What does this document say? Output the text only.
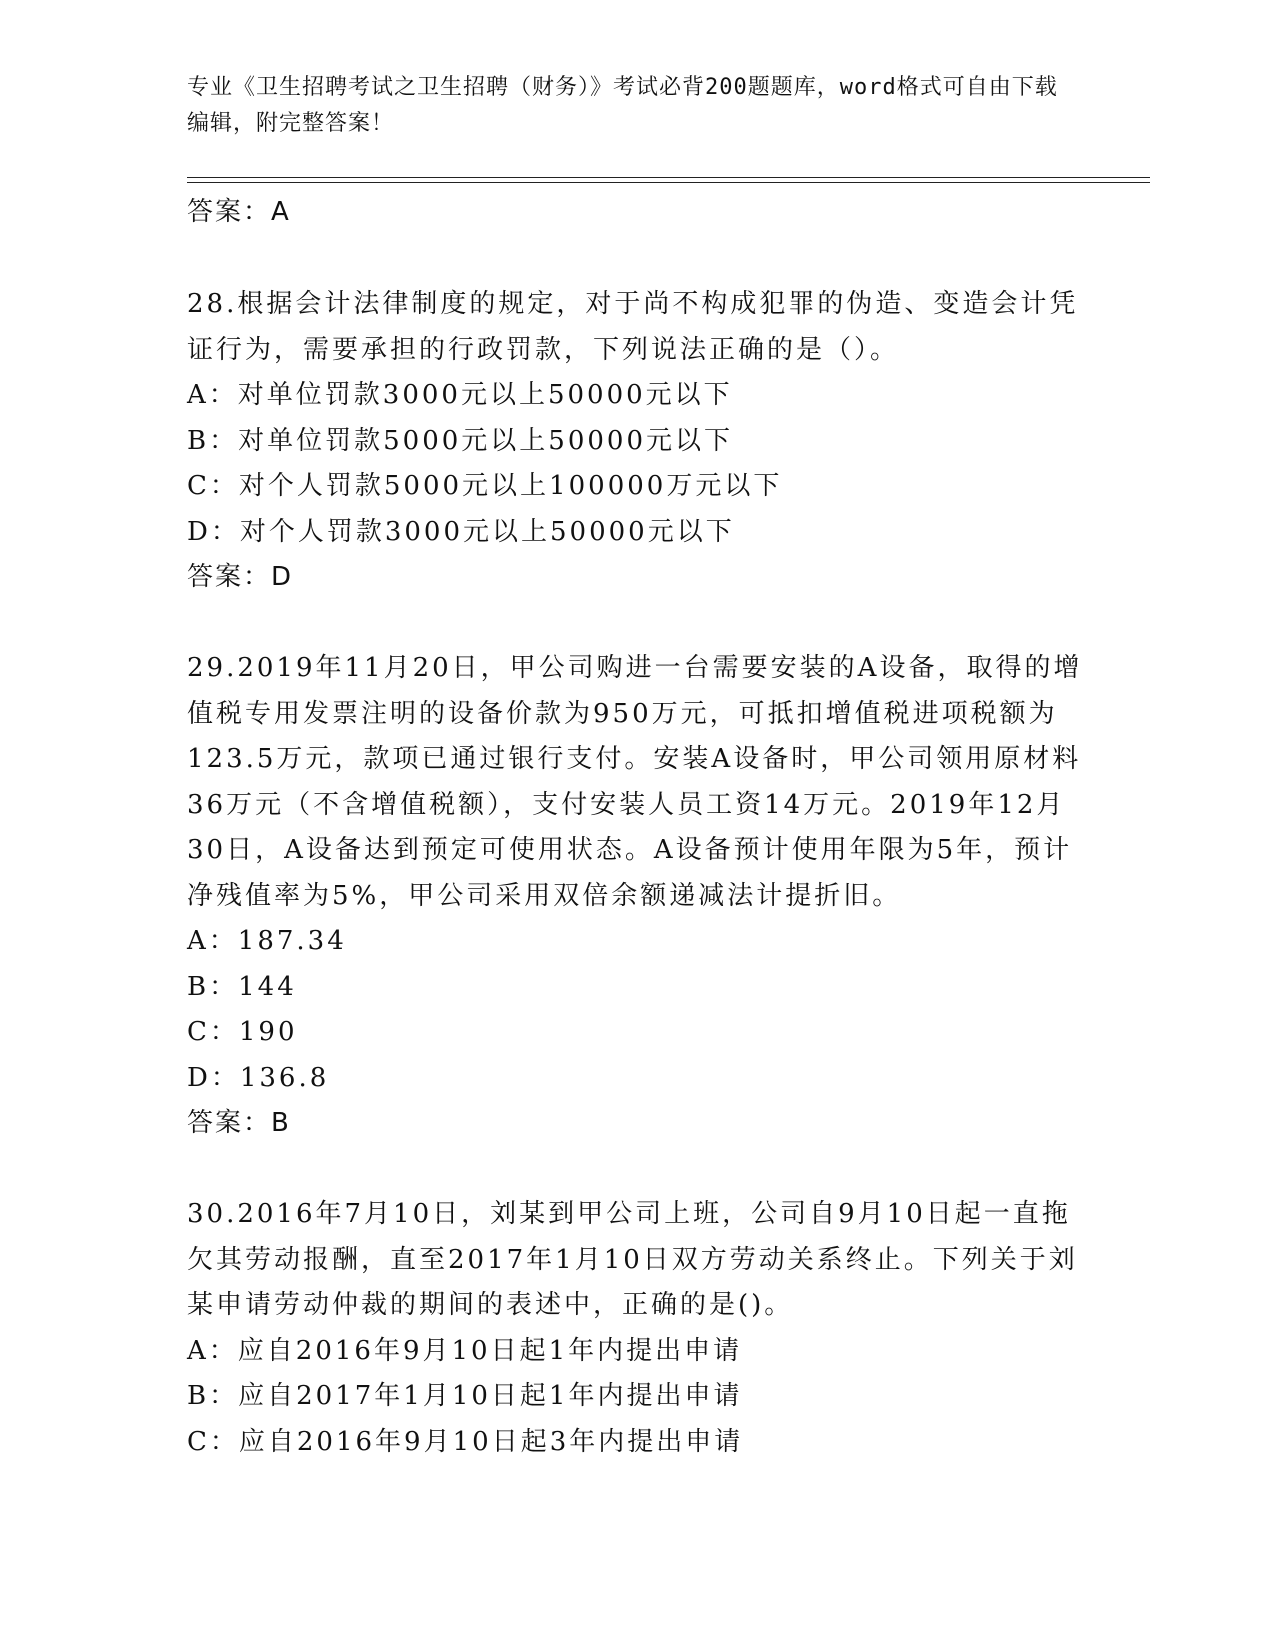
专业《卫生招聘考试之卫生招聘（财务）》考试必背200题题库，word格式可自由下载编辑，附完整答案！
答案：A
28.根据会计法律制度的规定，对于尚不构成犯罪的伪造、变造会计凭证行为，需要承担的行政罚款，下列说法正确的是（）。
A：对单位罚款3000元以上50000元以下
B：对单位罚款5000元以上50000元以下
C：对个人罚款5000元以上100000万元以下
D：对个人罚款3000元以上50000元以下
答案：D
29.2019年11月20日，甲公司购进一台需要安装的A设备，取得的增值税专用发票注明的设备价款为950万元，可抵扣增值税进项税额为123.5万元，款项已通过银行支付。安装A设备时，甲公司领用原材料36万元（不含增值税额），支付安装人员工资14万元。2019年12月30日，A设备达到预定可使用状态。A设备预计使用年限为5年，预计净残值率为5%，甲公司采用双倍余额递减法计提折旧。
A：187.34
B：144
C：190
D：136.8
答案：B
30.2016年7月10日，刘某到甲公司上班，公司自9月10日起一直拖欠其劳动报酬，直至2017年1月10日双方劳动关系终止。下列关于刘某申请劳动仲裁的期间的表述中，正确的是()。
A：应自2016年9月10日起1年内提出申请
B：应自2017年1月10日起1年内提出申请
C：应自2016年9月10日起3年内提出申请
